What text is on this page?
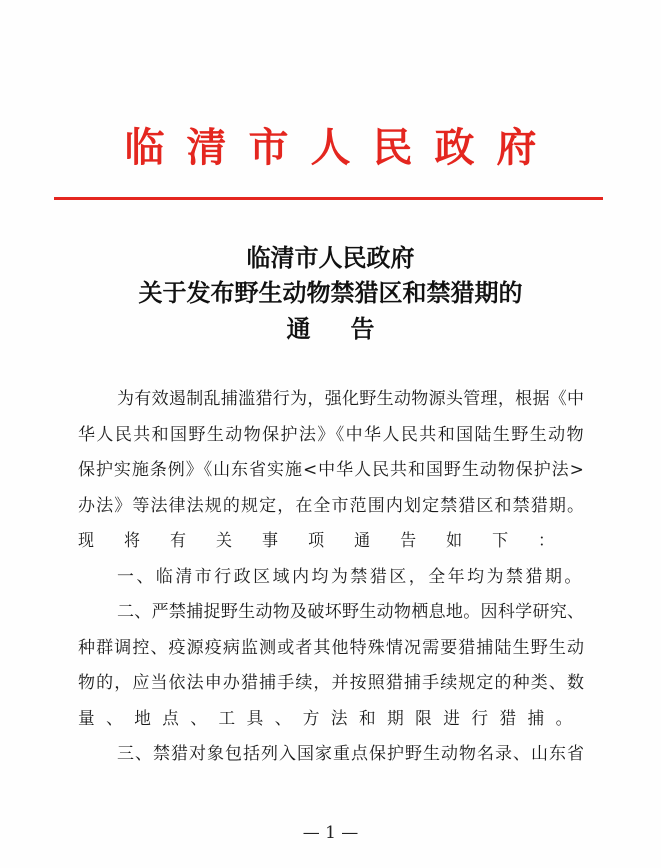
临清市人民政府
临清市人民政府
关于发布野生动物禁猎区和禁猎期的
通告
为有效遏制乱捕滥猎行为，强化野生动物源头管理，根据《中
华人民共和国野生动物保护法》《中华人民共和国陆生野生动物
保护实施条例》《山东省实施<中华人民共和国野生动物保护法>
办法》等法律法规的规定，在全市范围内划定禁猎区和禁猎期。
现将有关事项通告如下：
一、临清市行政区域内均为禁猎区，全年均为禁猎期。
二、严禁捕捉野生动物及破坏野生动物栖息地。因科学研究、
种群调控、疫源疫病监测或者其他特殊情况需要猎捕陆生野生动
物的，应当依法申办猎捕手续，并按照猎捕手续规定的种类、数
量、地点、工具、方法和期限进行猎捕。
三、禁猎对象包括列入国家重点保护野生动物名录、山东省
— 1 —
